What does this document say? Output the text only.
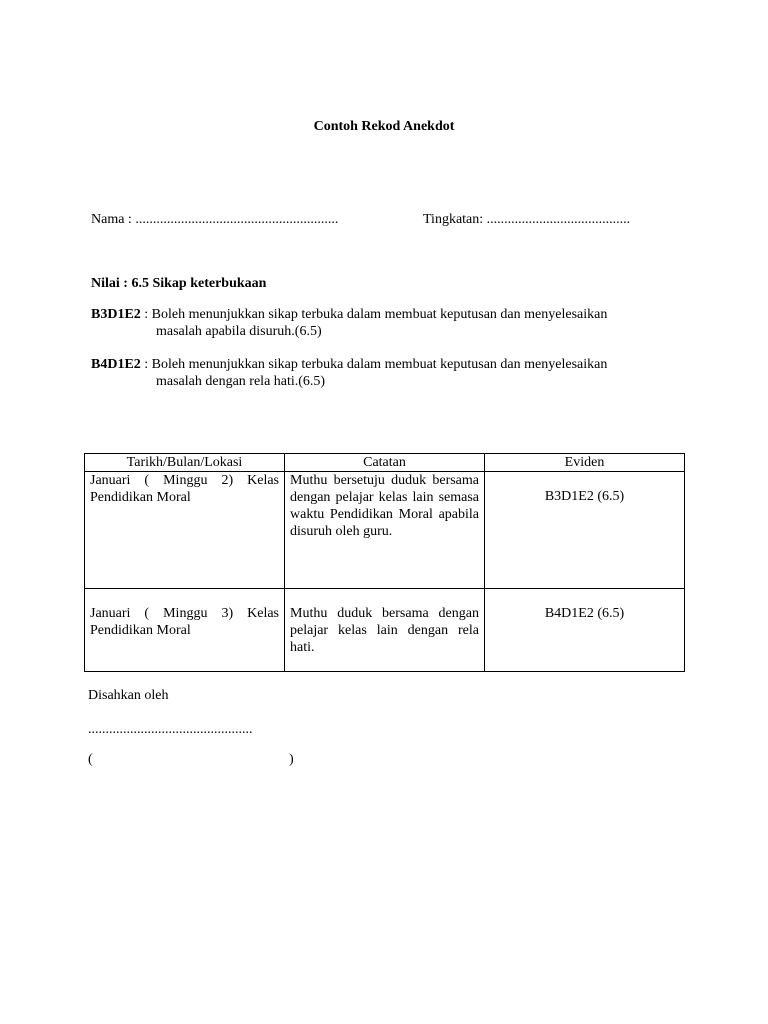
Contoh Rekod Anekdot
Nama : ..........................................................	Tingkatan: .........................................
Nilai : 6.5 Sikap keterbukaan
B3D1E2 : Boleh menunjukkan sikap terbuka dalam membuat keputusan dan menyelesaikan
masalah apabila disuruh.(6.5)
B4D1E2 : Boleh menunjukkan sikap terbuka dalam membuat keputusan dan menyelesaikan
masalah dengan rela hati.(6.5)
Tarikh/Bulan/Lokasi	Catatan	Eviden
Januari ( Minggu 2) Kelas Pendidikan Moral	Muthu bersetuju duduk bersama dengan pelajar kelas lain semasa waktu Pendidikan Moral apabila disuruh oleh guru.	B3D1E2 (6.5)
Januari ( Minggu 3) Kelas Pendidikan Moral	Muthu duduk bersama dengan pelajar kelas lain dengan rela hati.	B4D1E2 (6.5)
Disahkan oleh
...............................................
(	)
